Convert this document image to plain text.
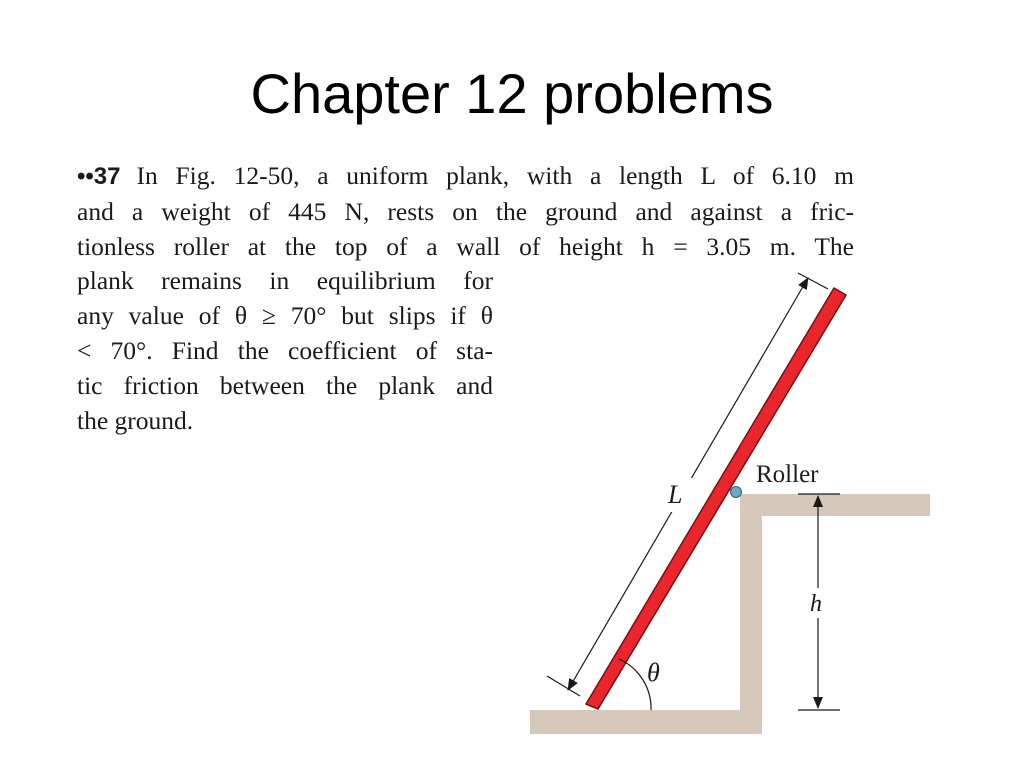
Chapter 12 problems
••37 In Fig. 12-50, a uniform plank, with a length L of 6.10 m
and a weight of 445 N, rests on the ground and against a fric-
tionless roller at the top of a wall of height h = 3.05 m. The
plank remains in equilibrium for
any value of θ ≥ 70° but slips if θ
< 70°. Find the coefficient of sta-
tic friction between the plank and
the ground.
L
h
θ
Roller
